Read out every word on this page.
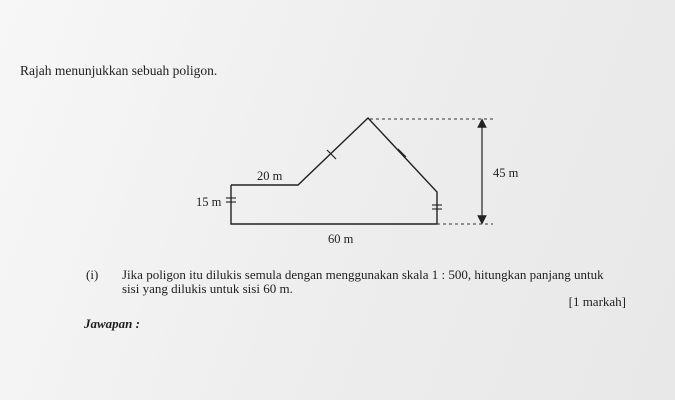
Rajah menunjukkan sebuah poligon.
20 m
15 m
45 m
60 m
(i) Jika poligon itu dilukis semula dengan menggunakan skala 1 : 500, hitungkan panjang untuk
sisi yang dilukis untuk sisi 60 m.
[1 markah]
Jawapan :
